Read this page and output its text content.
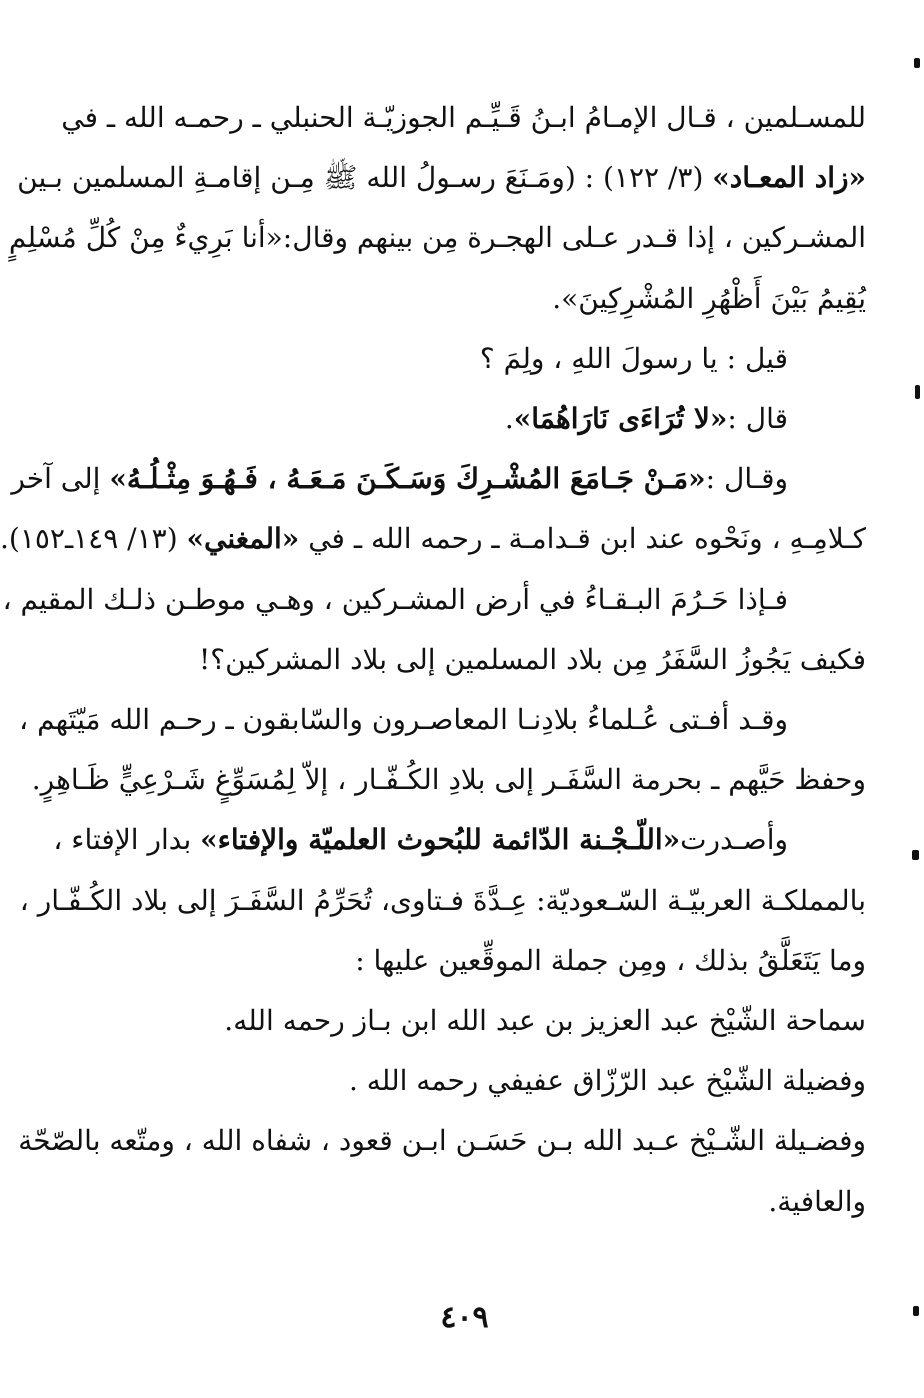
للمسـلمين ، قـال الإمـامُ ابـنُ قَـيِّـم الجوزيّـة الحنبلي ـ رحمـه الله ـ في
«زاد المعـاد» (٣/ ١٢٢) : (ومَـنَعَ رسـولُ الله ﷺ مِـن إقامـةِ المسلمين بـين
المشـركين ، إذا قـدر عـلى الهجـرة مِن بينهم وقال:«أنا بَرِيءٌ مِنْ كُلِّ مُسْلِمٍ
يُقِيمُ بَيْنَ أَظْهُرِ المُشْرِكِينَ».
قيل : يا رسولَ اللهِ ، ولِمَ ؟
قال :«لا تُرَاءَى نَارَاهُمَا».
وقـال :«مَـنْ جَـامَعَ المُشْـرِكَ وَسَـكَـنَ مَـعَـهُ ، فَـهُـوَ مِثْـلُـهُ» إلى آخر
كـلامِـهِ ، ونَحْوه عند ابن قـدامـة ـ رحمه الله ـ في «المغني» (١٣/ ١٤٩ـ١٥٢).
فـإذا حَـرُمَ البـقـاءُ في أرض المشـركين ، وهـي موطـن ذلـك المقيم ،
فكيف يَجُوزُ السَّفَرُ مِن بلاد المسلمين إلى بلاد المشركين؟!
وقـد أفـتى عُـلماءُ بلادِنـا المعاصـرون والسّابقون ـ رحـم الله مَيّتَهم ،
وحفظ حَيَّهم ـ بحرمة السَّفَـر إلى بلادِ الكُـفّـار ، إلاّ لِمُسَوِّغٍ شَـرْعِيٍّ ظَـاهِرٍ.
وأصـدرت«اللّـجْـنة الدّائمة للبُحوث العلميّة والإفتاء» بدار الإفتاء ،
بالمملكـة العربيّـة السّـعوديّة: عِـدَّةَ فـتاوى، تُحَرِّمُ السَّفَـرَ إلى بلاد الكُـفّـار ،
وما يَتَعَلَّقُ بذلك ، ومِن جملة الموقِّعين عليها :
سماحة الشّيْخ عبد العزيز بن عبد الله ابن بـاز رحمه الله.
وفضيلة الشّيْخ عبد الرّزّاق عفيفي رحمه الله .
وفضـيلة الشّـيْخ عـبد الله بـن حَسَـن ابـن قعود ، شفاه الله ، ومتّعه بالصّحّة
والعافية.
٤٠٩
